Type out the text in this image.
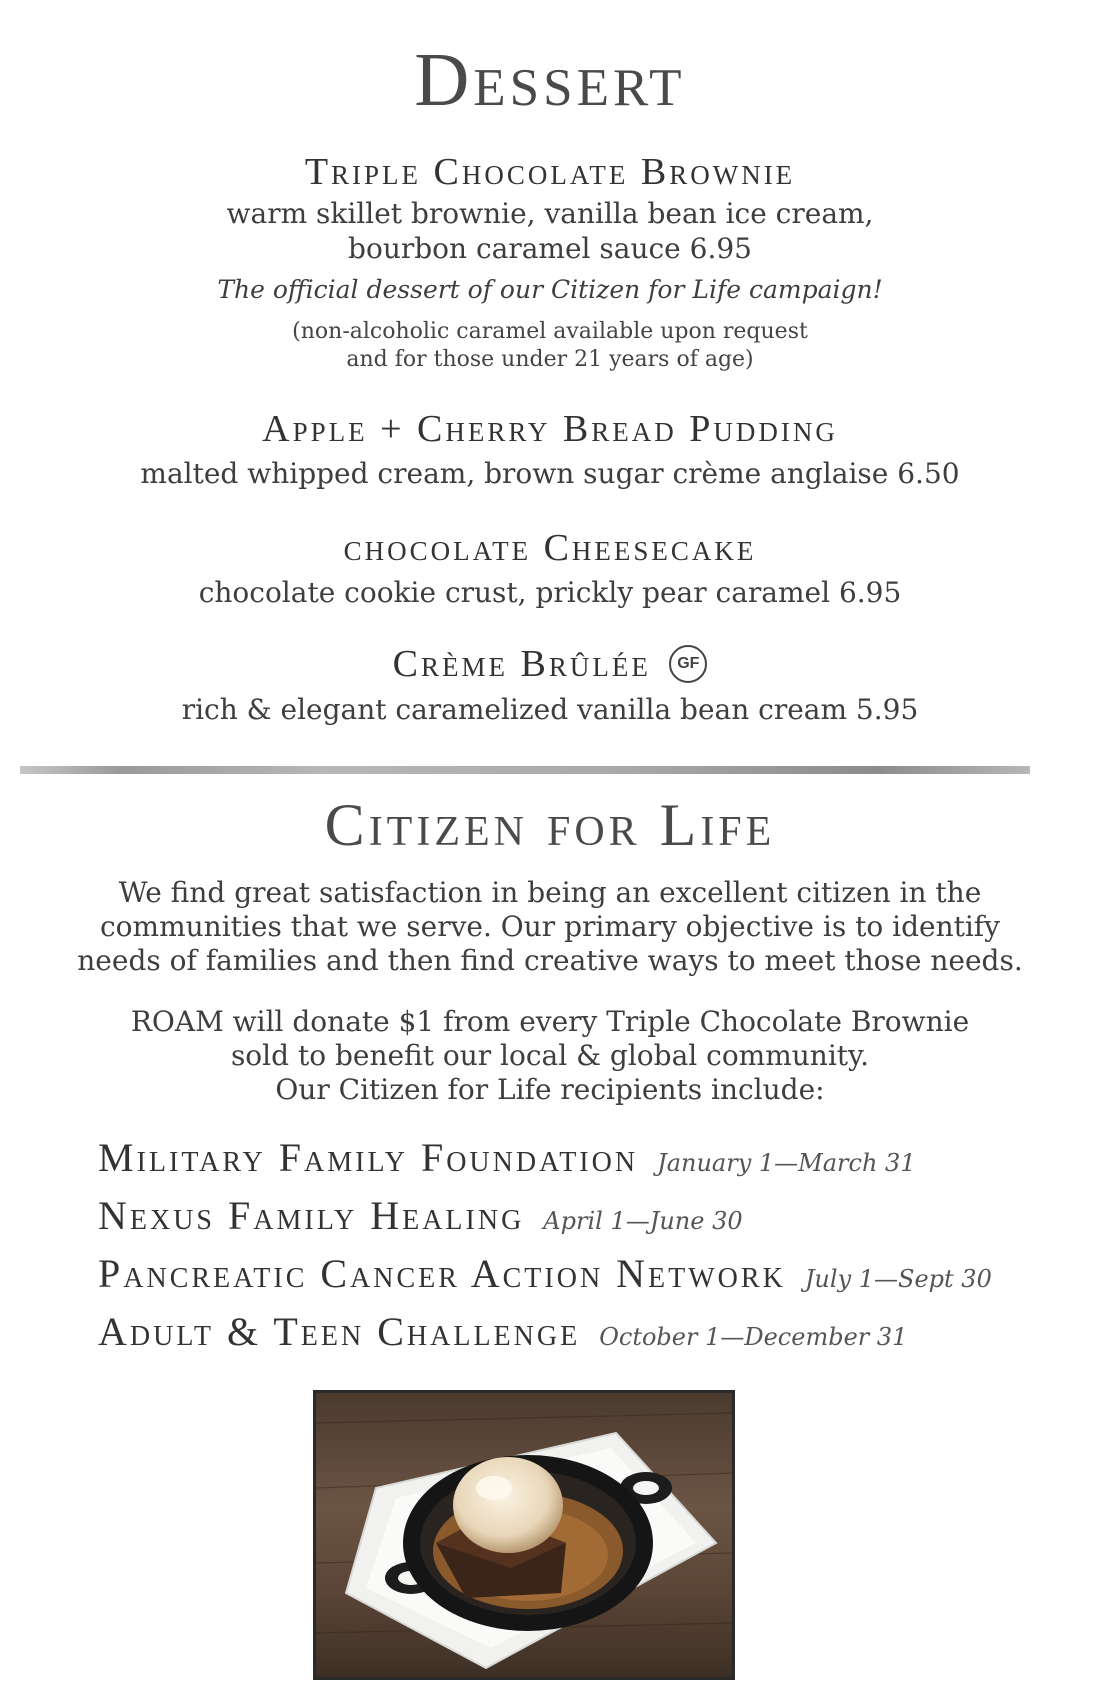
Dessert
Triple Chocolate Brownie
warm skillet brownie, vanilla bean ice cream,
bourbon caramel sauce 6.95
The official dessert of our Citizen for Life campaign!
(non-alcoholic caramel available upon request
and for those under 21 years of age)
Apple + Cherry Bread Pudding
malted whipped cream, brown sugar crème anglaise 6.50
chocolate Cheesecake
chocolate cookie crust, prickly pear caramel 6.95
Crème Brûlée GF
rich & elegant caramelized vanilla bean cream 5.95
Citizen for Life
We find great satisfaction in being an excellent citizen in the
communities that we serve. Our primary objective is to identify
needs of families and then find creative ways to meet those needs.
ROAM will donate $1 from every Triple Chocolate Brownie
sold to benefit our local & global community.
Our Citizen for Life recipients include:
Military Family Foundation January 1—March 31
Nexus Family Healing April 1—June 30
Pancreatic Cancer Action Network July 1—Sept 30
Adult & Teen Challenge October 1—December 31
